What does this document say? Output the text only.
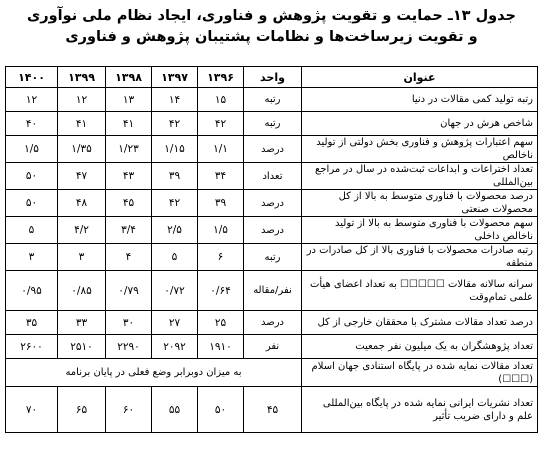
جدول ۱۳ـ حمایت و تقویت پژوهش و فناوری، ایجاد نظام ملی نوآوری
و تقویت زیرساخت‌ها و نظامات پشتیبان پژوهش و فناوری
عنوان	واحد	۱۳۹۶	۱۳۹۷	۱۳۹۸	۱۳۹۹	۱۴۰۰
رتبه تولید کمی مقالات در دنیا	رتبه	۱۵	۱۴	۱۳	۱۲	۱۲
شاخص هرش در جهان	رتبه	۴۲	۴۲	۴۱	۴۱	۴۰
سهم اعتبارات پژوهش و فناوری بخش دولتی از تولید ناخالص	درصد	۱/۱	۱/۱۵	۱/۲۳	۱/۳۵	۱/۵
تعداد اختراعات و ابداعات ثبت‌شده در سال در مراجع بین‌المللی	تعداد	۳۴	۳۹	۴۳	۴۷	۵۰
درصد محصولات با فناوری متوسط به بالا از کل محصولات صنعتی	درصد	۳۹	۴۲	۴۵	۴۸	۵۰
سهم محصولات با فناوری متوسط به بالا از تولید ناخالص داخلی	درصد	۱/۵	۲/۵	۳/۴	۴/۲	۵
رتبه صادرات محصولات با فناوری بالا از کل صادرات در منطقه	رتبه	۶	۵	۴	۳	۳
سرانه سالانه مقالات ☐☐☐☐☐ به تعداد اعضای هیأت علمی تمام‌وقت	نفر/مقاله	۰/۶۴	۰/۷۲	۰/۷۹	۰/۸۵	۰/۹۵
درصد تعداد مقالات مشترک با محققان خارجی از کل	درصد	۲۵	۲۷	۳۰	۳۳	۳۵
تعداد پژوهشگران به یک میلیون نفر جمعیت	نفر	۱۹۱۰	۲۰۹۲	۲۲۹۰	۲۵۱۰	۲۶۰۰
تعداد مقالات نمایه شده در پایگاه استنادی جهان اسلام (☐☐☐)	به میزان دوبرابر وضع فعلی در پایان برنامه					
تعداد نشریات ایرانی نمایه شده در پایگاه بین‌المللی علم و دارای ضریب تأثیر	۴۵	۵۰	۵۵	۶۰	۶۵	۷۰
